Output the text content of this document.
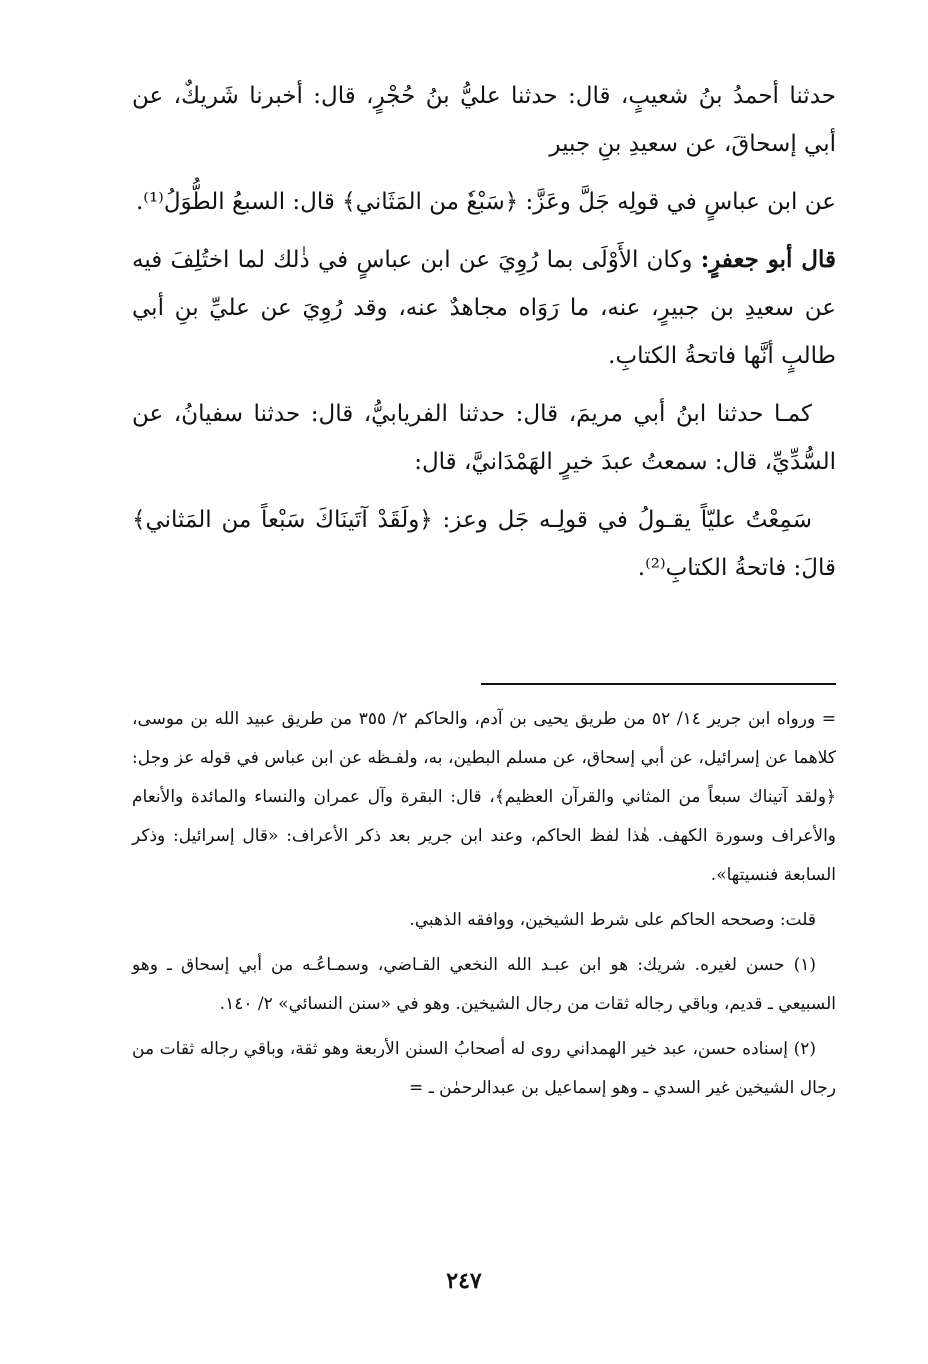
حدثنا أحمدُ بنُ شعيبٍ، قال: حدثنا عليُّ بنُ حُجْرٍ، قال: أخبرنا شَريكٌ، عن أبي إسحاقَ، عن سعيدِ بنِ جبير

عن ابن عباسٍ في قولِه جَلَّ وعَزَّ: ﴿سَبْعٗ من المَثَاني﴾ قال: السبعُ الطُّوَلُ⁽¹⁾.

قال أبو جعفرٍ: وكان الأَوْلَى بما رُوِيَ عن ابن عباسٍ في ذٰلك لما اختُلِفَ فيه عن سعيدِ بن جبيرٍ، عنه، ما رَوَاه مجاهدٌ عنه، وقد رُوِيَ عن عليِّ بنِ أبي طالبٍ أنَّها فاتحةُ الكتابِ.

كمـا حدثنا ابنُ أبي مريمَ، قال: حدثنا الفريابيُّ، قال: حدثنا سفيانُ، عن السُّدِّيِّ، قال: سمعتُ عبدَ خيرٍ الهَمْدَانيَّ، قال:

سَمِعْتُ عليّاً يقـولُ في قولِـه جَل وعز: ﴿ولَقَدْ آتَينَاكَ سَبْعاً من المَثاني﴾ قالَ: فاتحةُ الكتابِ⁽²⁾.

= ورواه ابن جرير ١٤/ ٥٢ من طريق يحيى بن آدم، والحاكم ٢/ ٣٥٥ من طريق عبيد الله بن موسى، كلاهما عن إسرائيل، عن أبي إسحاق، عن مسلم البطين، به، ولفـظه عن ابن عباس في قوله عز وجل: ﴿ولقد آتيناك سبعاً من المثاني والقرآن العظيم﴾، قال: البقرة وآل عمران والنساء والمائدة والأنعام والأعراف وسورة الكهف. هٰذا لفظ الحاكم، وعند ابن جرير بعد ذكر الأعراف: «قال إسرائيل: وذكر السابعة فنسيتها».

قلت: وصححه الحاكم على شرط الشيخين، ووافقه الذهبي.

(١) حسن لغيره. شريك: هو ابن عبـد الله النخعي القـاضي، وسمـاعُـه من أبي إسحاق ـ وهو السبيعي ـ قديم، وباقي رجاله ثقات من رجال الشيخين. وهو في «سنن النسائي» ٢/ ١٤٠.

(٢) إسناده حسن، عبد خير الهمداني روى له أصحابُ السنن الأربعة وهو ثقة، وباقي رجاله ثقات من رجال الشيخين غير السدي ـ وهو إسماعيل بن عبدالرحمٰن ـ =

٢٤٧
